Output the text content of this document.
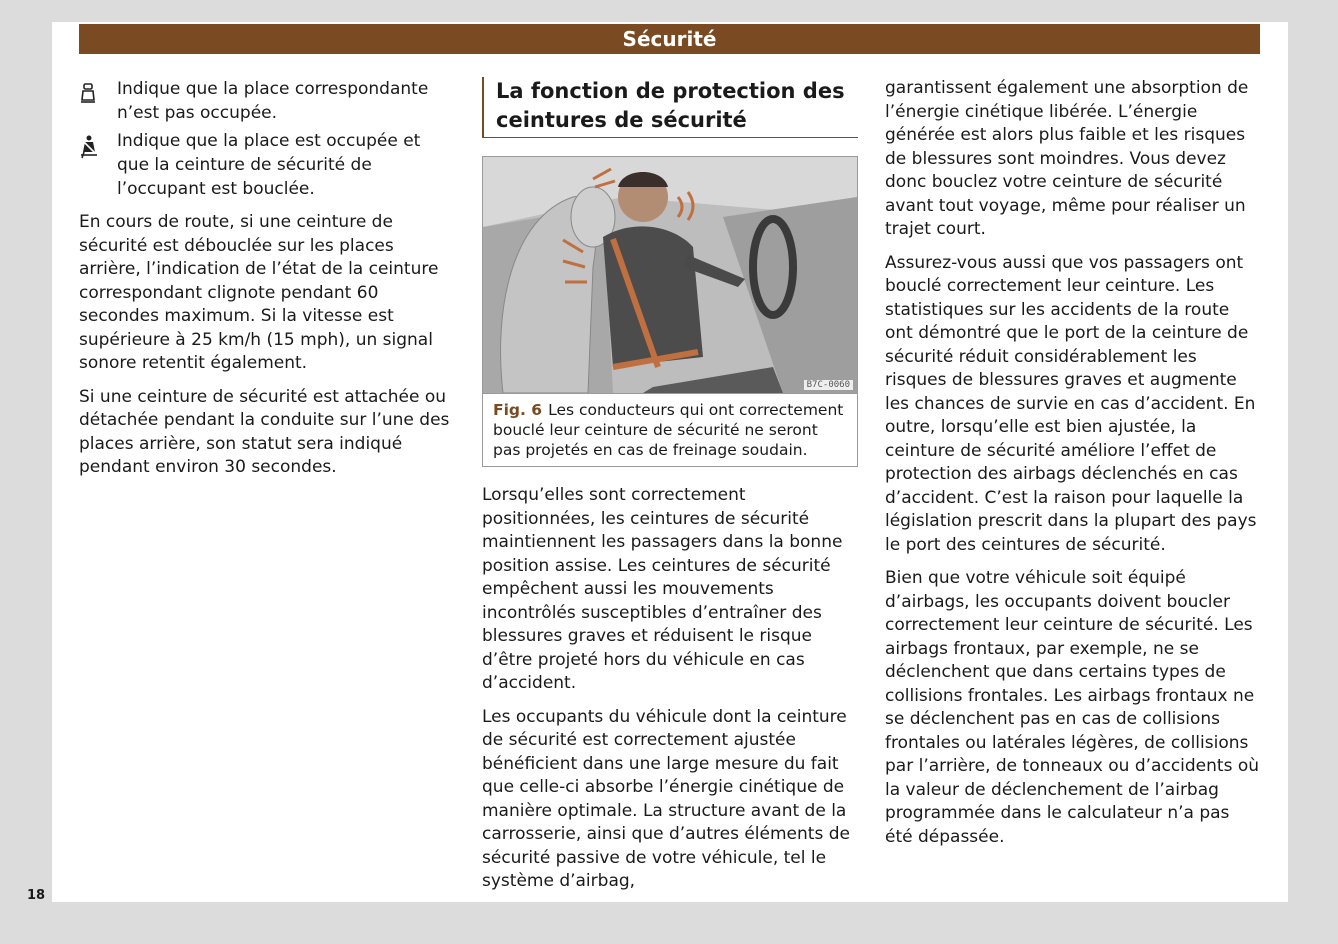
Sécurité
Indique que la place correspondante n’est pas occupée.
Indique que la place est occupée et que la ceinture de sécurité de l’occupant est bouclée.

En cours de route, si une ceinture de sécurité est débouclée sur les places arrière, l’indication de l’état de la ceinture correspondant clignote pendant 60 secondes maximum. Si la vitesse est supérieure à 25 km/h (15 mph), un signal sonore retentit également.

Si une ceinture de sécurité est attachée ou détachée pendant la conduite sur l’une des places arrière, son statut sera indiqué pendant environ 30 secondes.

La fonction de protection des ceintures de sécurité
B7C-0060
Fig. 6 Les conducteurs qui ont correctement bouclé leur ceinture de sécurité ne seront pas projetés en cas de freinage soudain.

Lorsqu’elles sont correctement positionnées, les ceintures de sécurité maintiennent les passagers dans la bonne position assise. Les ceintures de sécurité empêchent aussi les mouvements incontrôlés susceptibles d’entraîner des blessures graves et réduisent le risque d’être projeté hors du véhicule en cas d’accident.

Les occupants du véhicule dont la ceinture de sécurité est correctement ajustée bénéficient dans une large mesure du fait que celle-ci absorbe l’énergie cinétique de manière optimale. La structure avant de la carrosserie, ainsi que d’autres éléments de sécurité passive de votre véhicule, tel le système d’airbag,

garantissent également une absorption de l’énergie cinétique libérée. L’énergie générée est alors plus faible et les risques de blessures sont moindres. Vous devez donc bouclez votre ceinture de sécurité avant tout voyage, même pour réaliser un trajet court.

Assurez-vous aussi que vos passagers ont bouclé correctement leur ceinture. Les statistiques sur les accidents de la route ont démontré que le port de la ceinture de sécurité réduit considérablement les risques de blessures graves et augmente les chances de survie en cas d’accident. En outre, lorsqu’elle est bien ajustée, la ceinture de sécurité améliore l’effet de protection des airbags déclenchés en cas d’accident. C’est la raison pour laquelle la législation prescrit dans la plupart des pays le port des ceintures de sécurité.

Bien que votre véhicule soit équipé d’airbags, les occupants doivent boucler correctement leur ceinture de sécurité. Les airbags frontaux, par exemple, ne se déclenchent que dans certains types de collisions frontales. Les airbags frontaux ne se déclenchent pas en cas de collisions frontales ou latérales légères, de collisions par l’arrière, de tonneaux ou d’accidents où la valeur de déclenchement de l’airbag programmée dans le calculateur n’a pas été dépassée.

18
